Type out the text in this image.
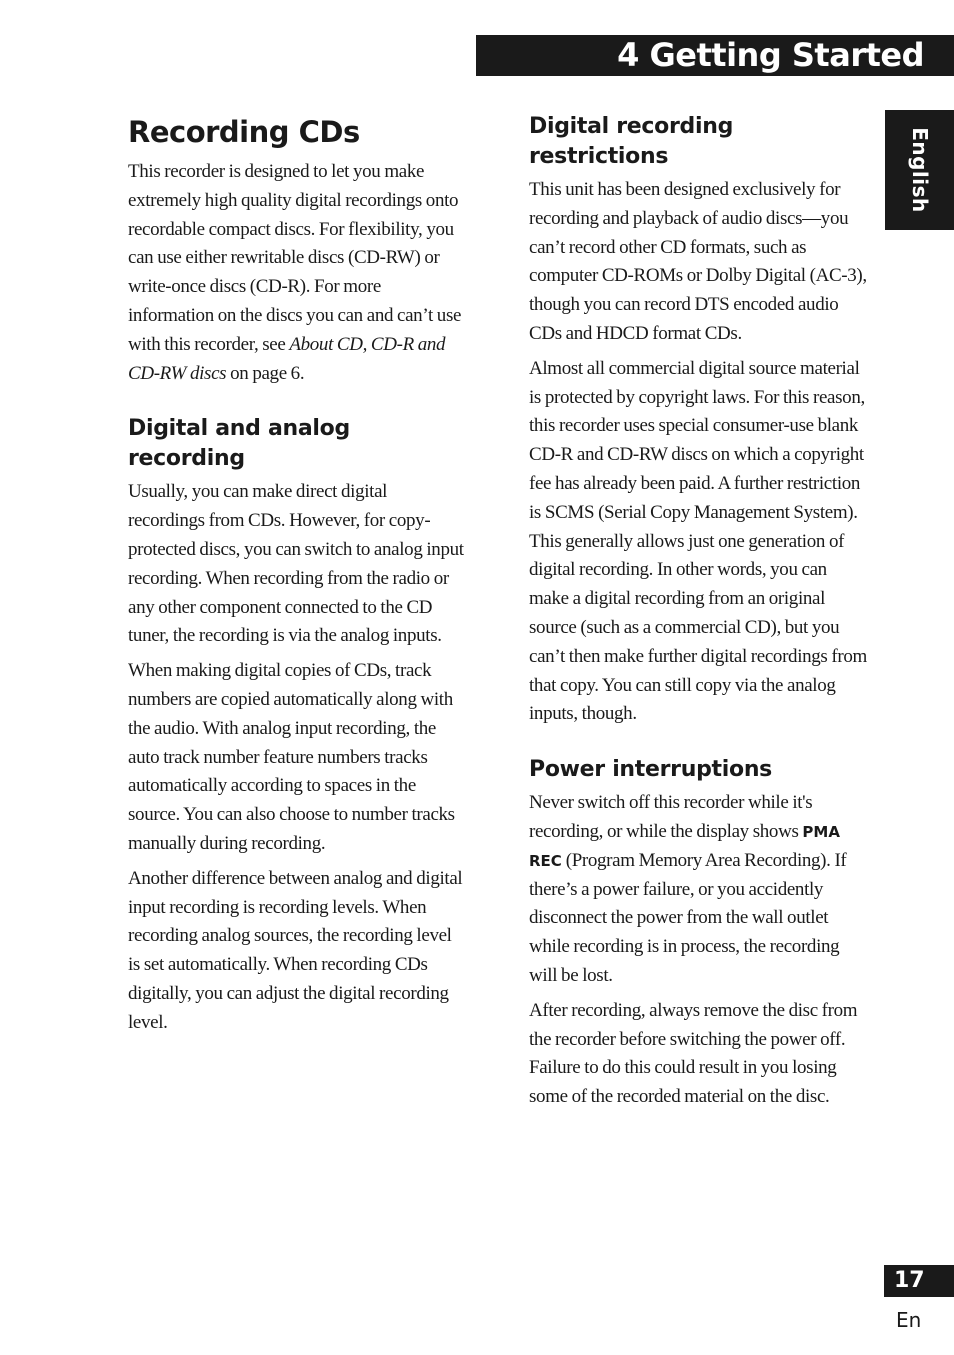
4 Getting Started
English
Recording CDs

This recorder is designed to let you make extremely high quality digital recordings onto recordable compact discs. For flexibility, you can use either rewritable discs (CD-RW) or write-once discs (CD-R). For more information on the discs you can and can’t use with this recorder, see About CD, CD-R and CD-RW discs on page 6.

Digital and analog recording

Usually, you can make direct digital recordings from CDs. However, for copy-protected discs, you can switch to analog input recording. When recording from the radio or any other component connected to the CD tuner, the recording is via the analog inputs.

When making digital copies of CDs, track numbers are copied automatically along with the audio. With analog input recording, the auto track number feature numbers tracks automatically according to spaces in the source. You can also choose to number tracks manually during recording.

Another difference between analog and digital input recording is recording levels. When recording analog sources, the recording level is set automatically. When recording CDs digitally, you can adjust the digital recording level.

Digital recording restrictions

This unit has been designed exclusively for recording and playback of audio discs—you can’t record other CD formats, such as computer CD-ROMs or Dolby Digital (AC-3), though you can record DTS encoded audio CDs and HDCD format CDs.

Almost all commercial digital source material is protected by copyright laws. For this reason, this recorder uses special consumer-use blank CD-R and CD-RW discs on which a copyright fee has already been paid. A further restriction is SCMS (Serial Copy Management System). This generally allows just one generation of digital recording. In other words, you can make a digital recording from an original source (such as a commercial CD), but you can’t then make further digital recordings from that copy. You can still copy via the analog inputs, though.

Power interruptions

Never switch off this recorder while it's recording, or while the display shows PMA REC (Program Memory Area Recording). If there’s a power failure, or you accidently disconnect the power from the wall outlet while recording is in process, the recording will be lost.

After recording, always remove the disc from the recorder before switching the power off. Failure to do this could result in you losing some of the recorded material on the disc.

17
En
